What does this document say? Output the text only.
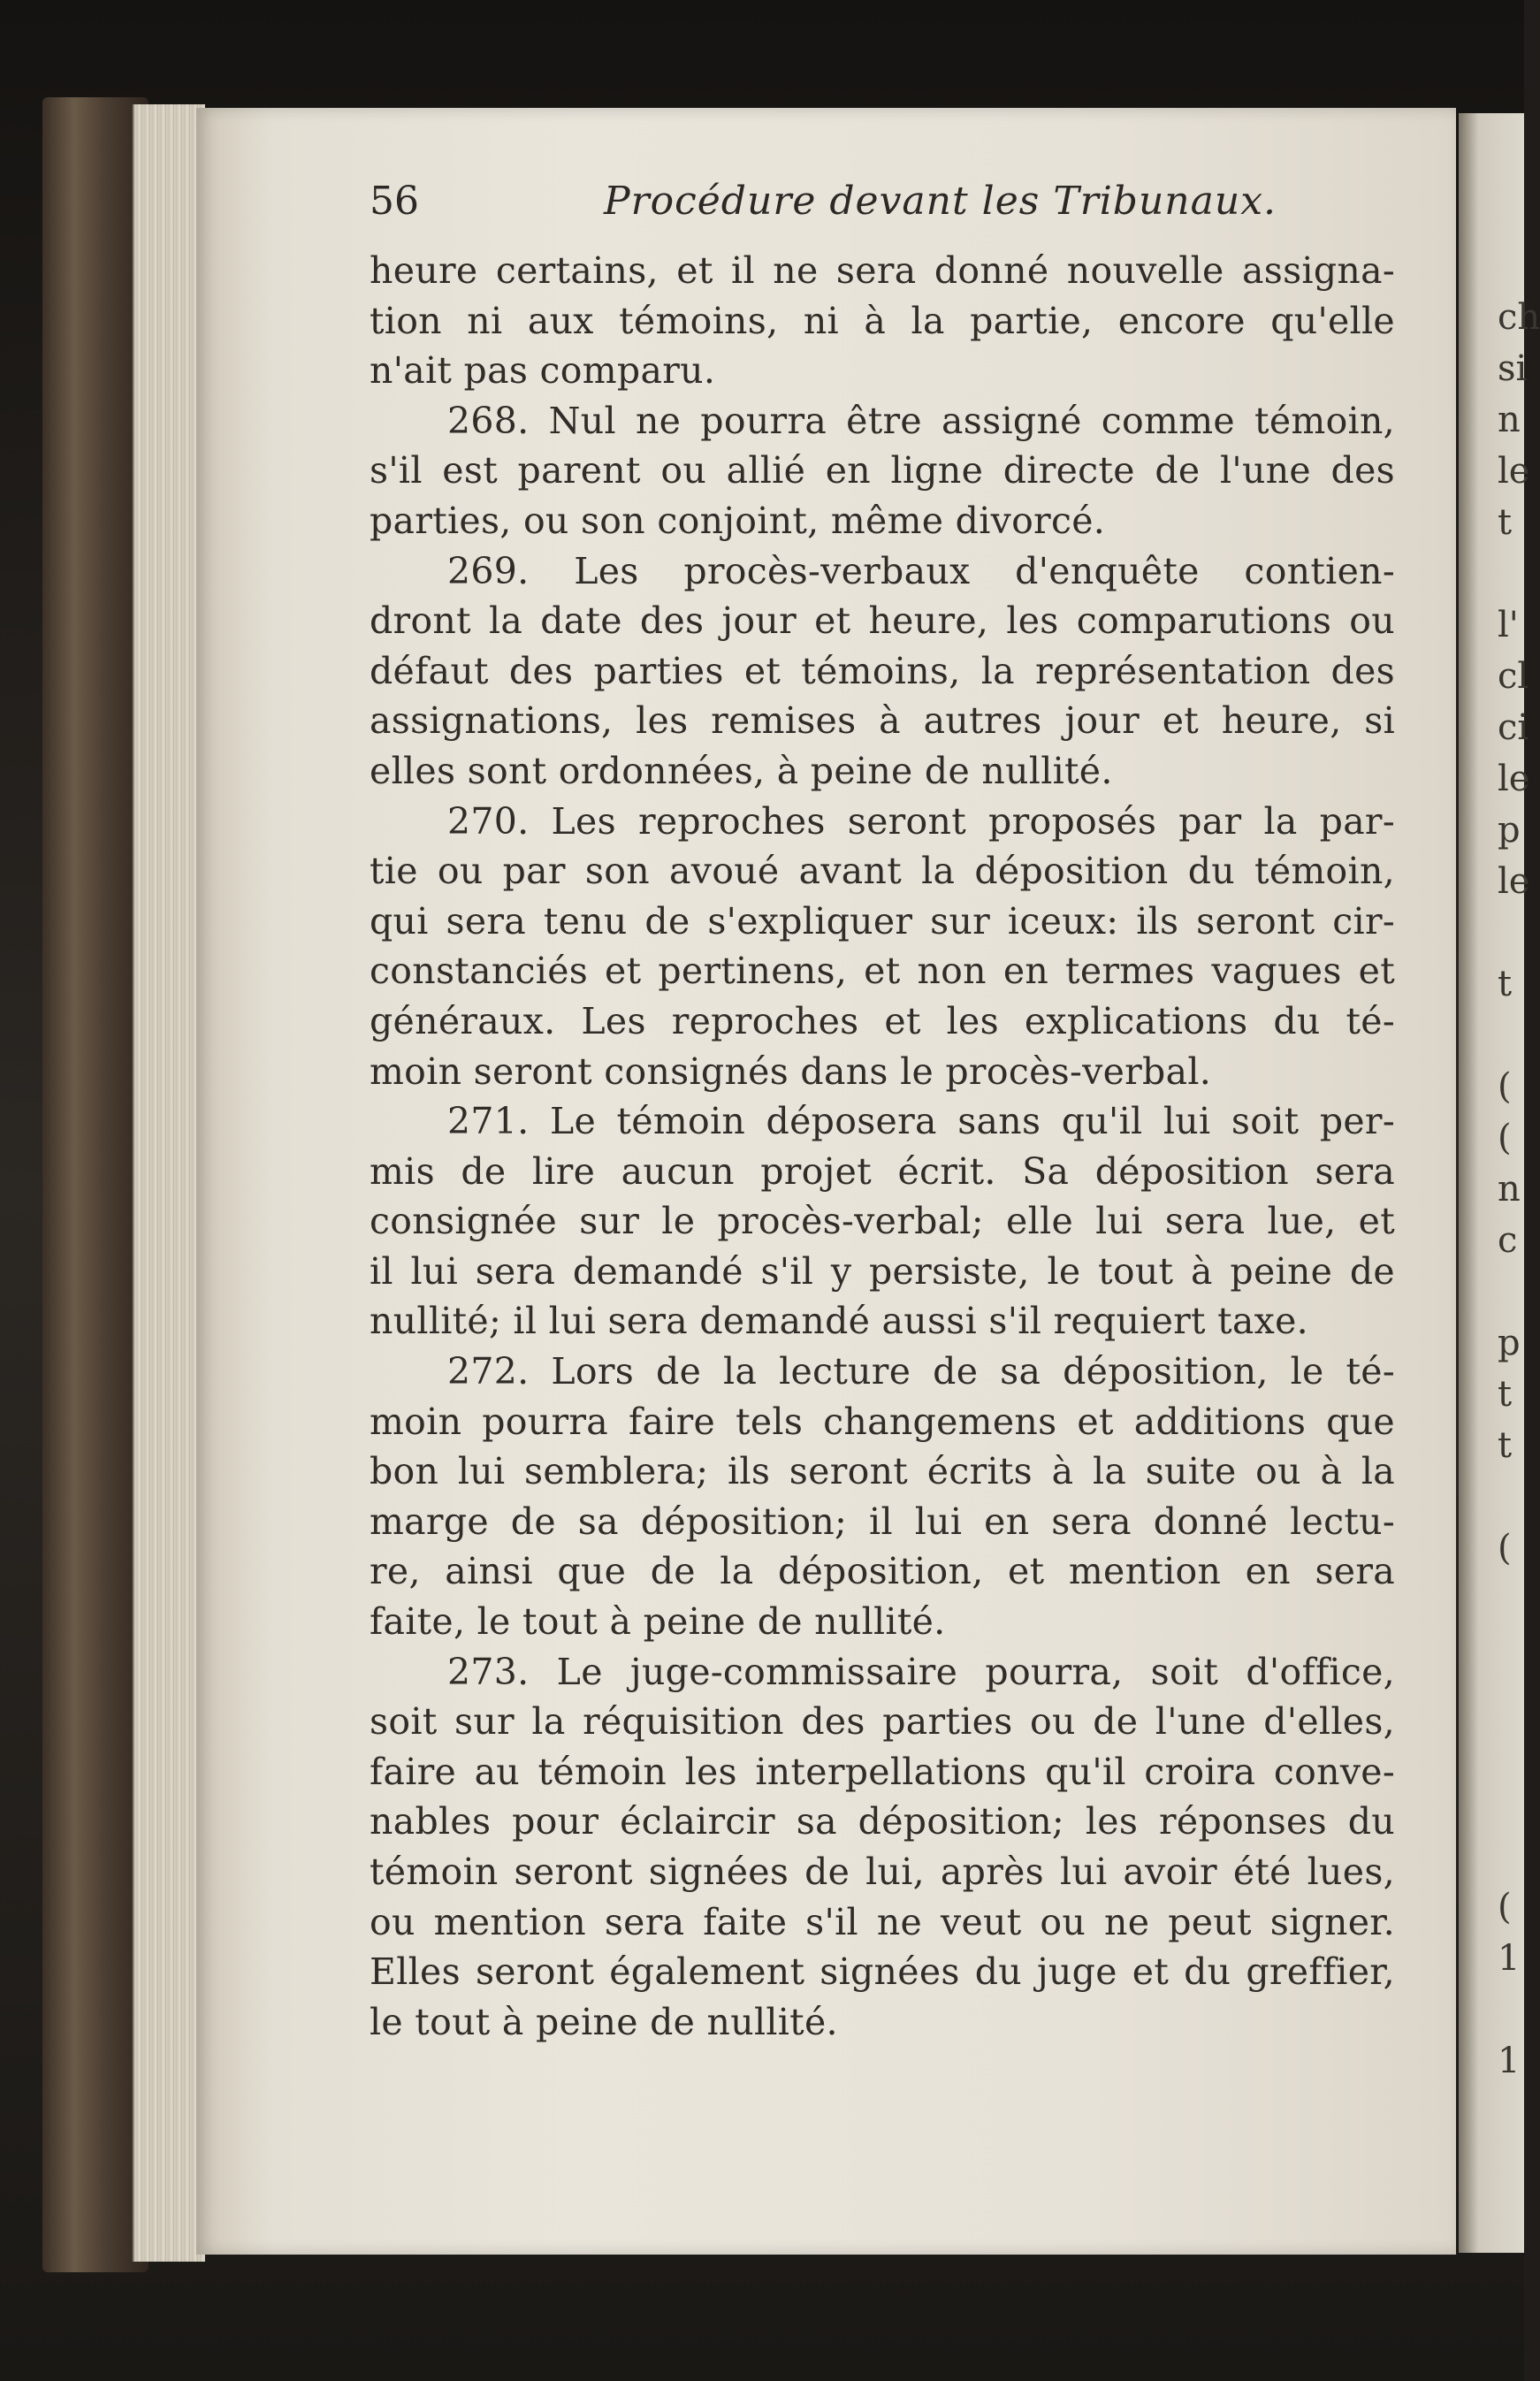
ch
si
n
le
t
l'
cl
ci
le
p
le
t
(
(
n
c
p
t
t
(
(
1
1
56	Procédure devant les Tribunaux.
heure certains, et il ne sera donné nouvelle assigna-
tion ni aux témoins, ni à la partie, encore qu'elle
n'ait pas comparu.
268. Nul ne pourra être assigné comme témoin,
s'il est parent ou allié en ligne directe de l'une des
parties, ou son conjoint, même divorcé.
269. Les procès-verbaux d'enquête contien-
dront la date des jour et heure, les comparutions ou
défaut des parties et témoins, la représentation des
assignations, les remises à autres jour et heure, si
elles sont ordonnées, à peine de nullité.
270. Les reproches seront proposés par la par-
tie ou par son avoué avant la déposition du témoin,
qui sera tenu de s'expliquer sur iceux: ils seront cir-
constanciés et pertinens, et non en termes vagues et
généraux. Les reproches et les explications du té-
moin seront consignés dans le procès-verbal.
271. Le témoin déposera sans qu'il lui soit per-
mis de lire aucun projet écrit. Sa déposition sera
consignée sur le procès-verbal; elle lui sera lue, et
il lui sera demandé s'il y persiste, le tout à peine de
nullité; il lui sera demandé aussi s'il requiert taxe.
272. Lors de la lecture de sa déposition, le té-
moin pourra faire tels changemens et additions que
bon lui semblera; ils seront écrits à la suite ou à la
marge de sa déposition; il lui en sera donné lectu-
re, ainsi que de la déposition, et mention en sera
faite, le tout à peine de nullité.
273. Le juge-commissaire pourra, soit d'office,
soit sur la réquisition des parties ou de l'une d'elles,
faire au témoin les interpellations qu'il croira conve-
nables pour éclaircir sa déposition; les réponses du
témoin seront signées de lui, après lui avoir été lues,
ou mention sera faite s'il ne veut ou ne peut signer.
Elles seront également signées du juge et du greffier,
le tout à peine de nullité.
